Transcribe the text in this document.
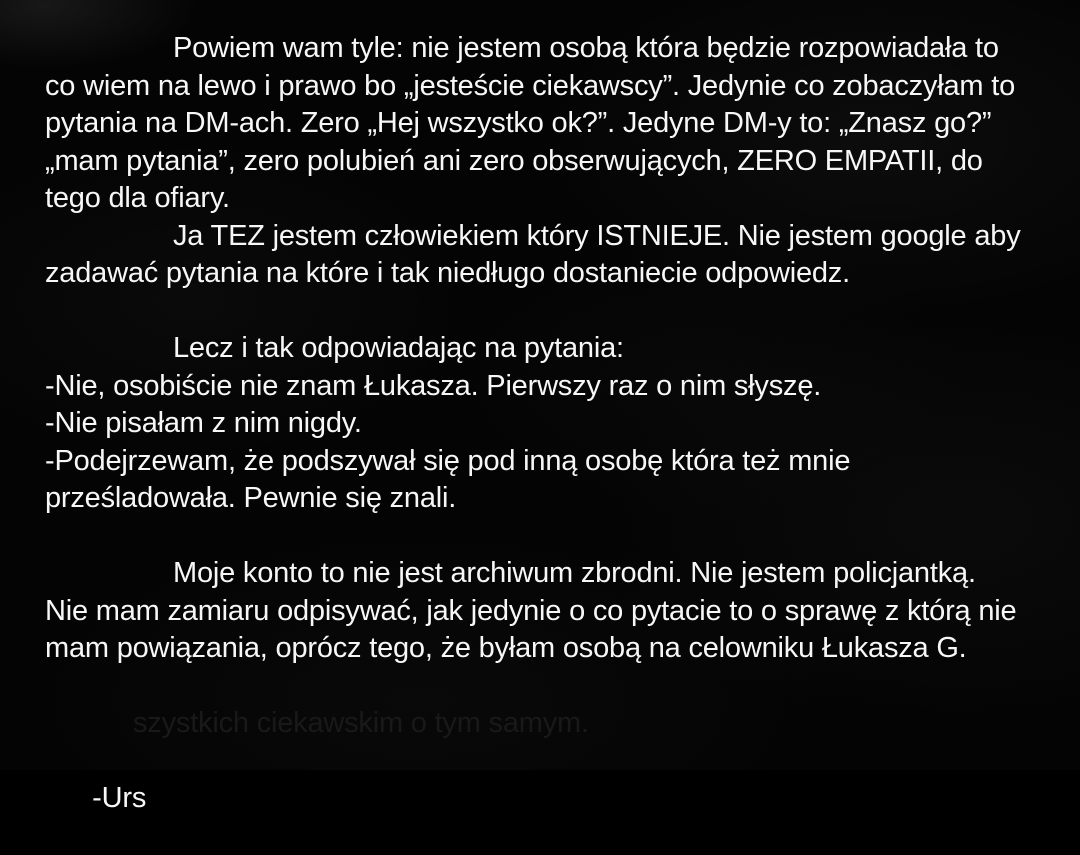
Powiem wam tyle: nie jestem osobą która będzie rozpowiadała to
co wiem na lewo i prawo bo „jesteście ciekawscy”. Jedynie co zobaczyłam to
pytania na DM-ach. Zero „Hej wszystko ok?”. Jedyne DM-y to: „Znasz go?”
„mam pytania”, zero polubień ani zero obserwujących, ZERO EMPATII, do
tego dla ofiary.
Ja TEZ jestem człowiekiem który ISTNIEJE. Nie jestem google aby
zadawać pytania na które i tak niedługo dostaniecie odpowiedz.
Lecz i tak odpowiadając na pytania:
-Nie, osobiście nie znam Łukasza. Pierwszy raz o nim słyszę.
-Nie pisałam z nim nigdy.
-Podejrzewam, że podszywał się pod inną osobę która też mnie
prześladowała. Pewnie się znali.
Moje konto to nie jest archiwum zbrodni. Nie jestem policjantką.
Nie mam zamiaru odpisywać, jak jedynie o co pytacie to o sprawę z którą nie
mam powiązania, oprócz tego, że byłam osobą na celowniku Łukasza G.

szystkich ciekawskim o tym samym.

-Urs
